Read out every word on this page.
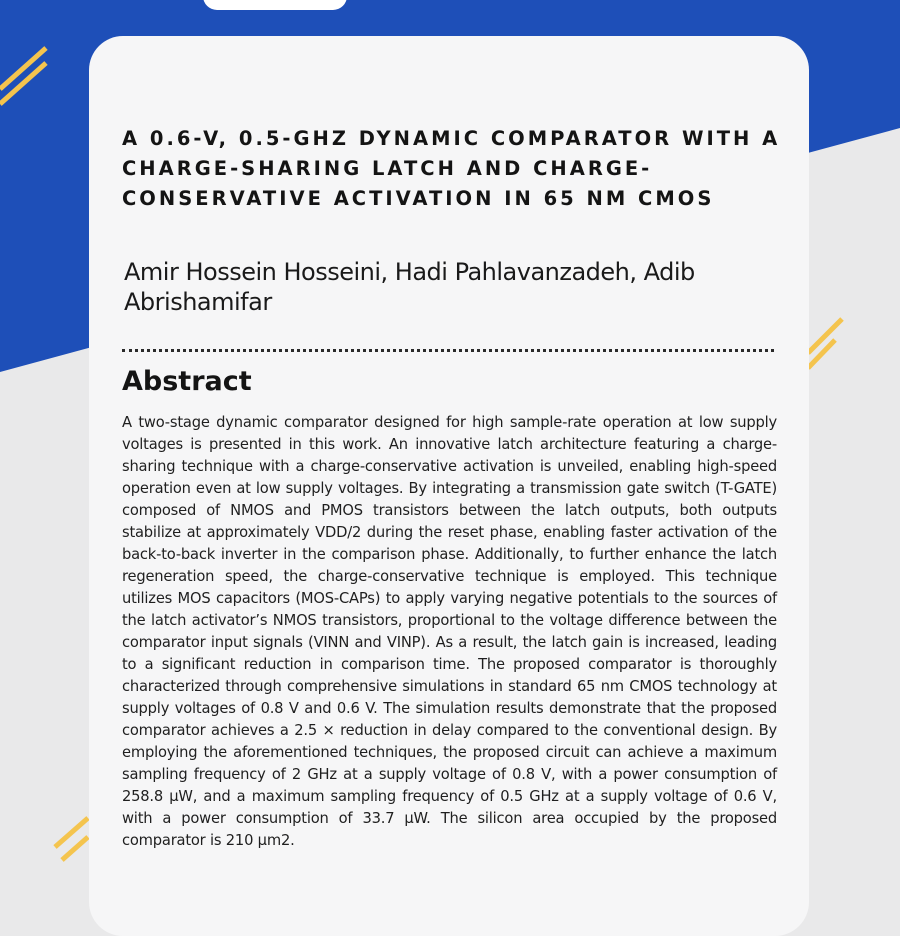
A 0.6-V, 0.5-GHZ DYNAMIC COMPARATOR WITH A CHARGE-SHARING LATCH AND CHARGE-CONSERVATIVE ACTIVATION IN 65 NM CMOS

Amir Hossein Hosseini, Hadi Pahlavanzadeh, Adib Abrishamifar

Abstract

A two-stage dynamic comparator designed for high sample-rate operation at low supply voltages is presented in this work. An innovative latch architecture featuring a charge-sharing technique with a charge-conservative activation is unveiled, enabling high-speed operation even at low supply voltages. By integrating a transmission gate switch (T-GATE) composed of NMOS and PMOS transistors between the latch outputs, both outputs stabilize at approximately VDD/2 during the reset phase, enabling faster activation of the back-to-back inverter in the comparison phase. Additionally, to further enhance the latch regeneration speed, the charge-conservative technique is employed. This technique utilizes MOS capacitors (MOS-CAPs) to apply varying negative potentials to the sources of the latch activator’s NMOS transistors, proportional to the voltage difference between the comparator input signals (VINN and VINP). As a result, the latch gain is increased, leading to a significant reduction in comparison time. The proposed comparator is thoroughly characterized through comprehensive simulations in standard 65 nm CMOS technology at supply voltages of 0.8 V and 0.6 V. The simulation results demonstrate that the proposed comparator achieves a 2.5 × reduction in delay compared to the conventional design. By employing the aforementioned techniques, the proposed circuit can achieve a maximum sampling frequency of 2 GHz at a supply voltage of 0.8 V, with a power consumption of 258.8 μW, and a maximum sampling frequency of 0.5 GHz at a supply voltage of 0.6 V, with a power consumption of 33.7 μW. The silicon area occupied by the proposed comparator is 210 μm2.
